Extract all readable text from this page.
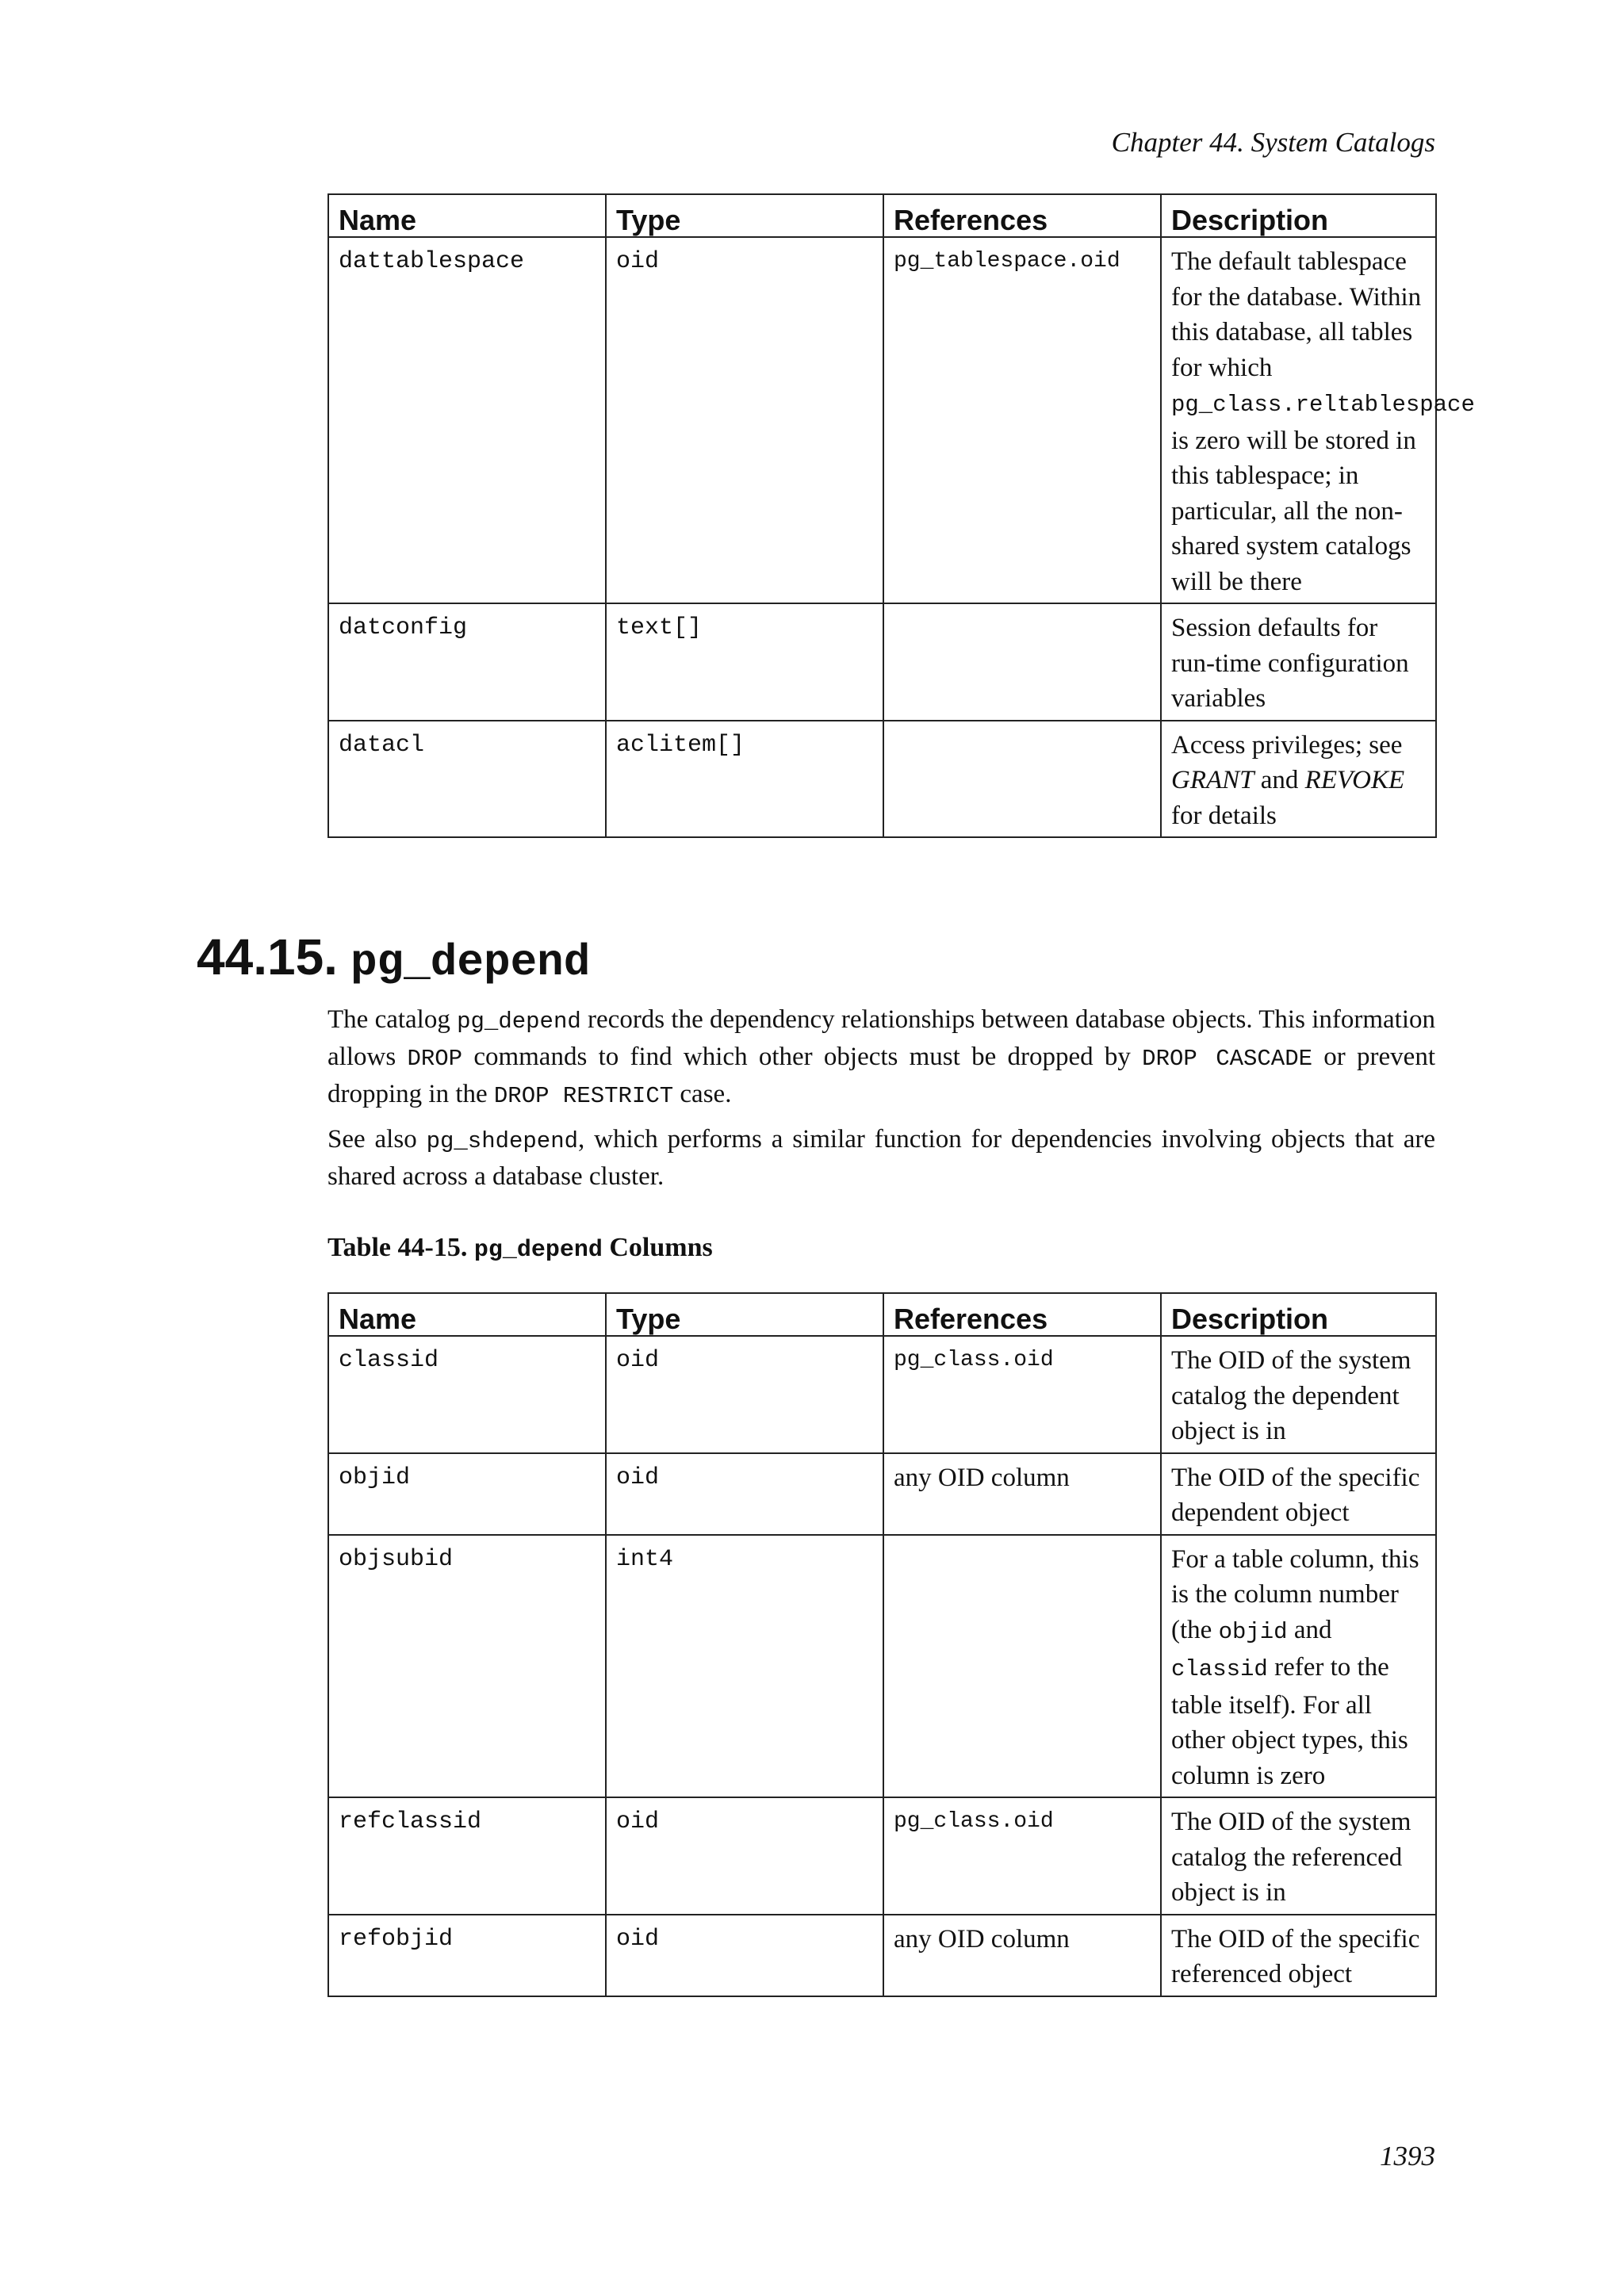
Chapter 44. System Catalogs
Name	Type	References	Description
dattablespace	oid	pg_tablespace.oid	The default tablespace for the database. Within this database, all tables for which pg_class.reltablespace is zero will be stored in this tablespace; in particular, all the non-shared system catalogs will be there
datconfig	text[]		Session defaults for run-time configuration variables
datacl	aclitem[]		Access privileges; see GRANT and REVOKE for details
44.15. pg_depend

The catalog pg_depend records the dependency relationships between database objects. This information allows DROP commands to find which other objects must be dropped by DROP CASCADE or prevent dropping in the DROP RESTRICT case.

See also pg_shdepend, which performs a similar function for dependencies involving objects that are shared across a database cluster.

Table 44-15. pg_depend Columns

Name	Type	References	Description
classid	oid	pg_class.oid	The OID of the system catalog the dependent object is in
objid	oid	any OID column	The OID of the specific dependent object
objsubid	int4		For a table column, this is the column number (the objid and classid refer to the table itself). For all other object types, this column is zero
refclassid	oid	pg_class.oid	The OID of the system catalog the referenced object is in
refobjid	oid	any OID column	The OID of the specific referenced object
1393
